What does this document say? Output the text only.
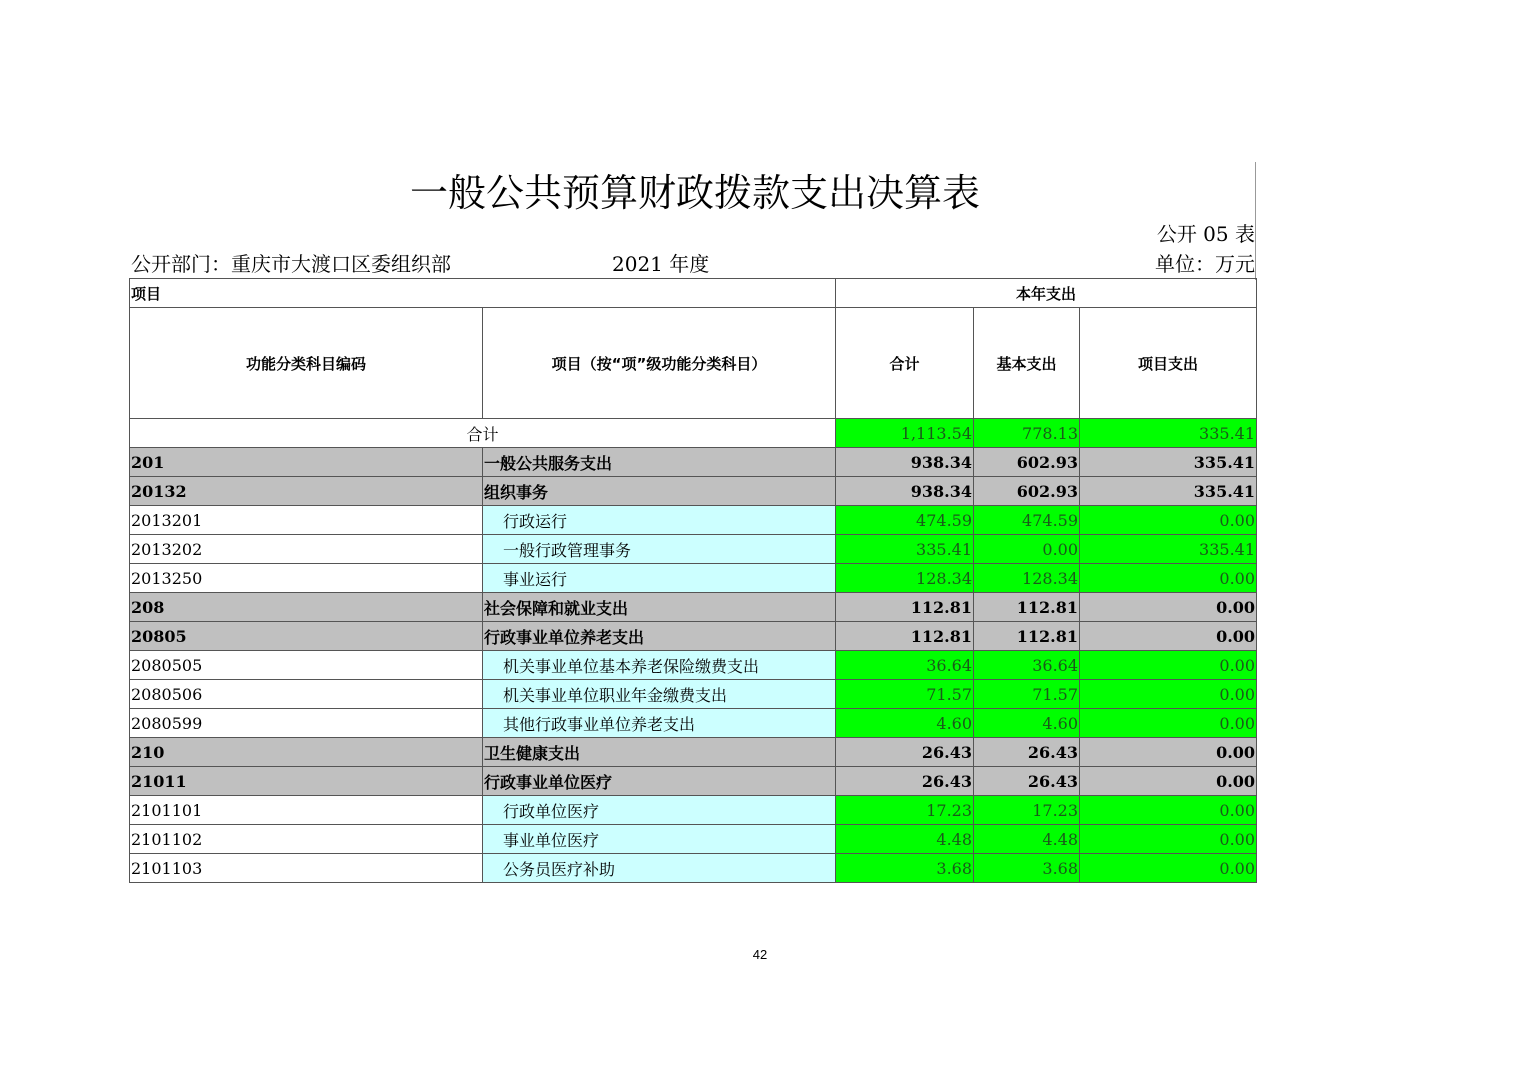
一般公共预算财政拨款支出决算表
公开 05 表
公开部门：重庆市大渡口区委组织部	2021 年度	单位：万元
项目		本年支出		
功能分类科目编码	项目（按“项”级功能分类科目）	合计	基本支出	项目支出
合计		1,113.54	778.13	335.41
201	一般公共服务支出	938.34	602.93	335.41
20132	组织事务	938.34	602.93	335.41
2013201	行政运行	474.59	474.59	0.00
2013202	一般行政管理事务	335.41	0.00	335.41
2013250	事业运行	128.34	128.34	0.00
208	社会保障和就业支出	112.81	112.81	0.00
20805	行政事业单位养老支出	112.81	112.81	0.00
2080505	机关事业单位基本养老保险缴费支出	36.64	36.64	0.00
2080506	机关事业单位职业年金缴费支出	71.57	71.57	0.00
2080599	其他行政事业单位养老支出	4.60	4.60	0.00
210	卫生健康支出	26.43	26.43	0.00
21011	行政事业单位医疗	26.43	26.43	0.00
2101101	行政单位医疗	17.23	17.23	0.00
2101102	事业单位医疗	4.48	4.48	0.00
2101103	公务员医疗补助	3.68	3.68	0.00
42
